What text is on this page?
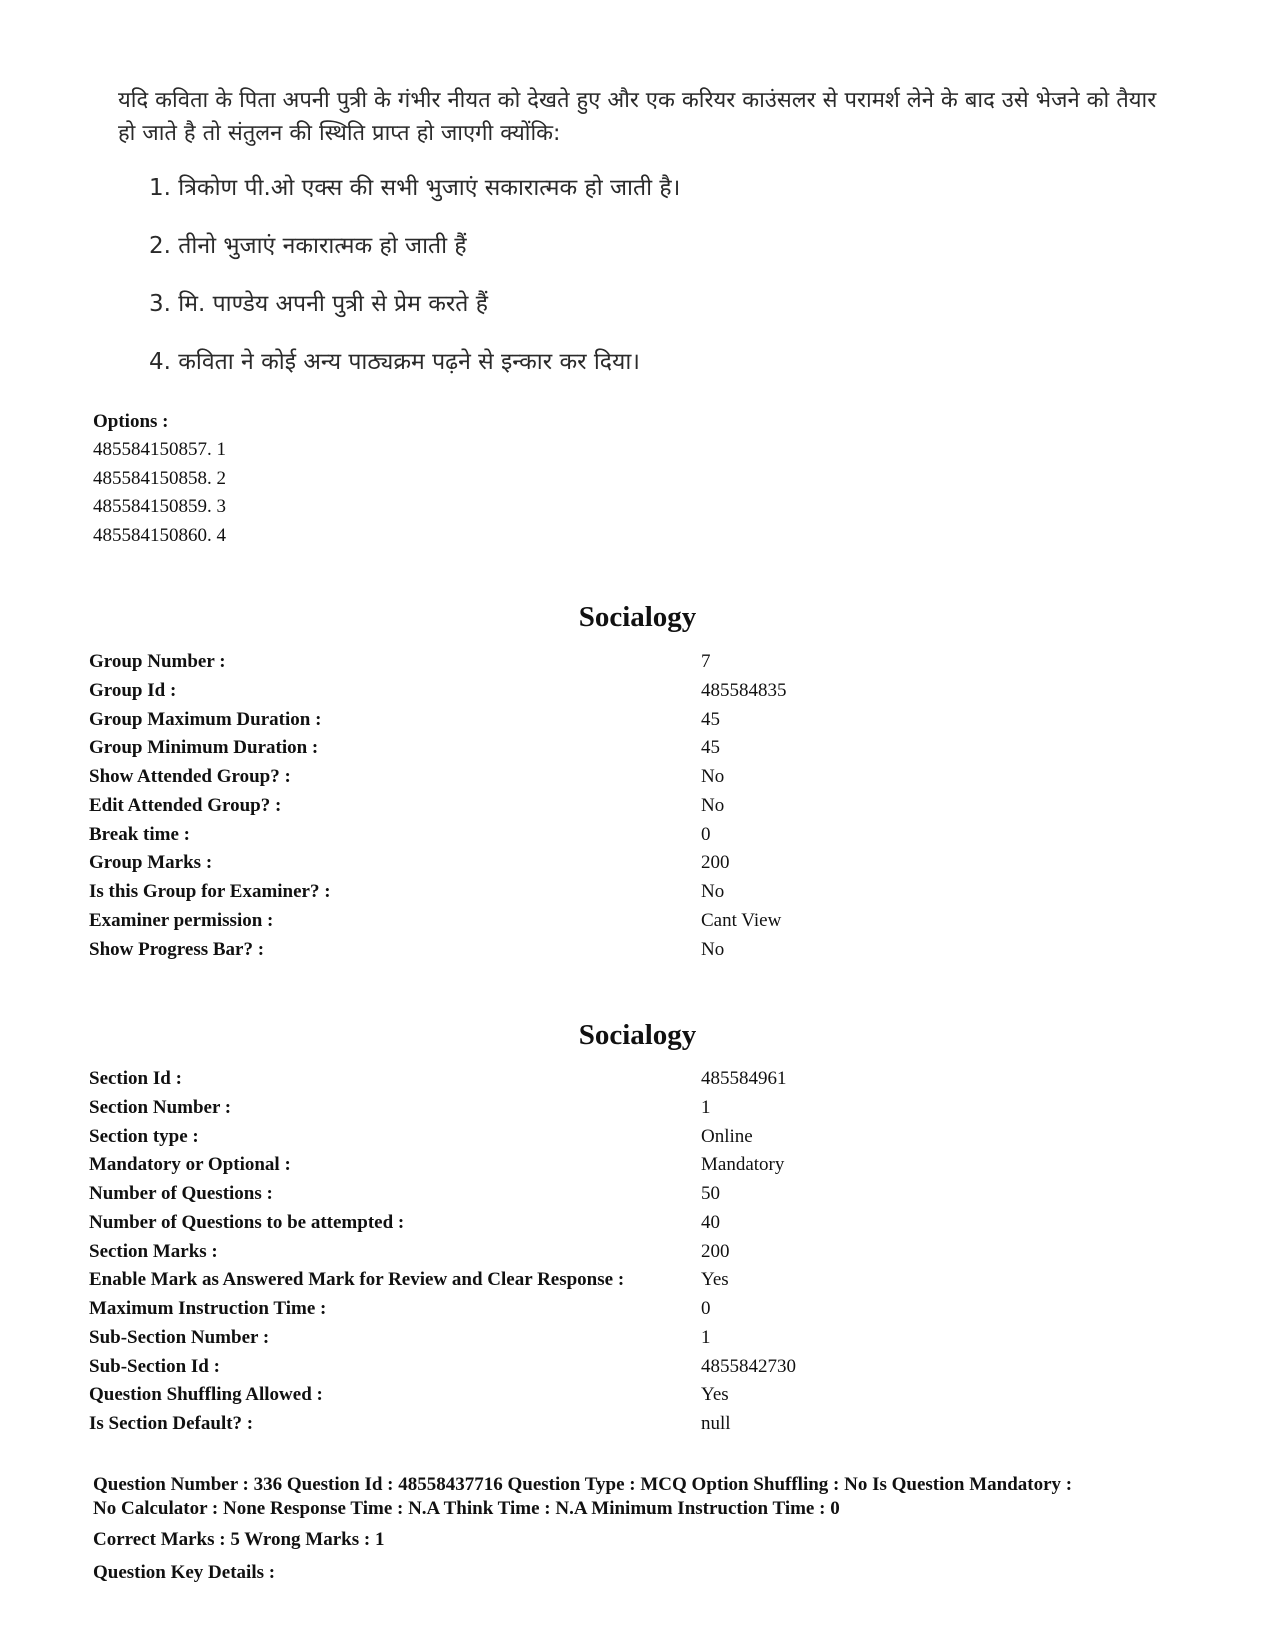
यदि कविता के पिता अपनी पुत्री के गंभीर नीयत को देखते हुए और एक करियर काउंसलर से परामर्श लेने के बाद उसे भेजने को तैयार हो जाते है तो संतुलन की स्थिति प्राप्त हो जाएगी क्योंकि:

1. त्रिकोण पी.ओ एक्स की सभी भुजाएं सकारात्मक हो जाती है।
2. तीनो भुजाएं नकारात्मक हो जाती हैं
3. मि. पाण्डेय अपनी पुत्री से प्रेम करते हैं
4. कविता ने कोई अन्य पाठ्यक्रम पढ़ने से इन्कार कर दिया।
Options :
485584150857. 1
485584150858. 2
485584150859. 3
485584150860. 4
Socialogy
Group Number :	7
Group Id :	485584835
Group Maximum Duration :	45
Group Minimum Duration :	45
Show Attended Group? :	No
Edit Attended Group? :	No
Break time :	0
Group Marks :	200
Is this Group for Examiner? :	No
Examiner permission :	Cant View
Show Progress Bar? :	No
Socialogy
Section Id :	485584961
Section Number :	1
Section type :	Online
Mandatory or Optional :	Mandatory
Number of Questions :	50
Number of Questions to be attempted :	40
Section Marks :	200
Enable Mark as Answered Mark for Review and Clear Response :	Yes
Maximum Instruction Time :	0
Sub-Section Number :	1
Sub-Section Id :	4855842730
Question Shuffling Allowed :	Yes
Is Section Default? :	null
Question Number : 336 Question Id : 48558437716 Question Type : MCQ Option Shuffling : No Is Question Mandatory :
No Calculator : None Response Time : N.A Think Time : N.A Minimum Instruction Time : 0
Correct Marks : 5 Wrong Marks : 1
Question Key Details :
